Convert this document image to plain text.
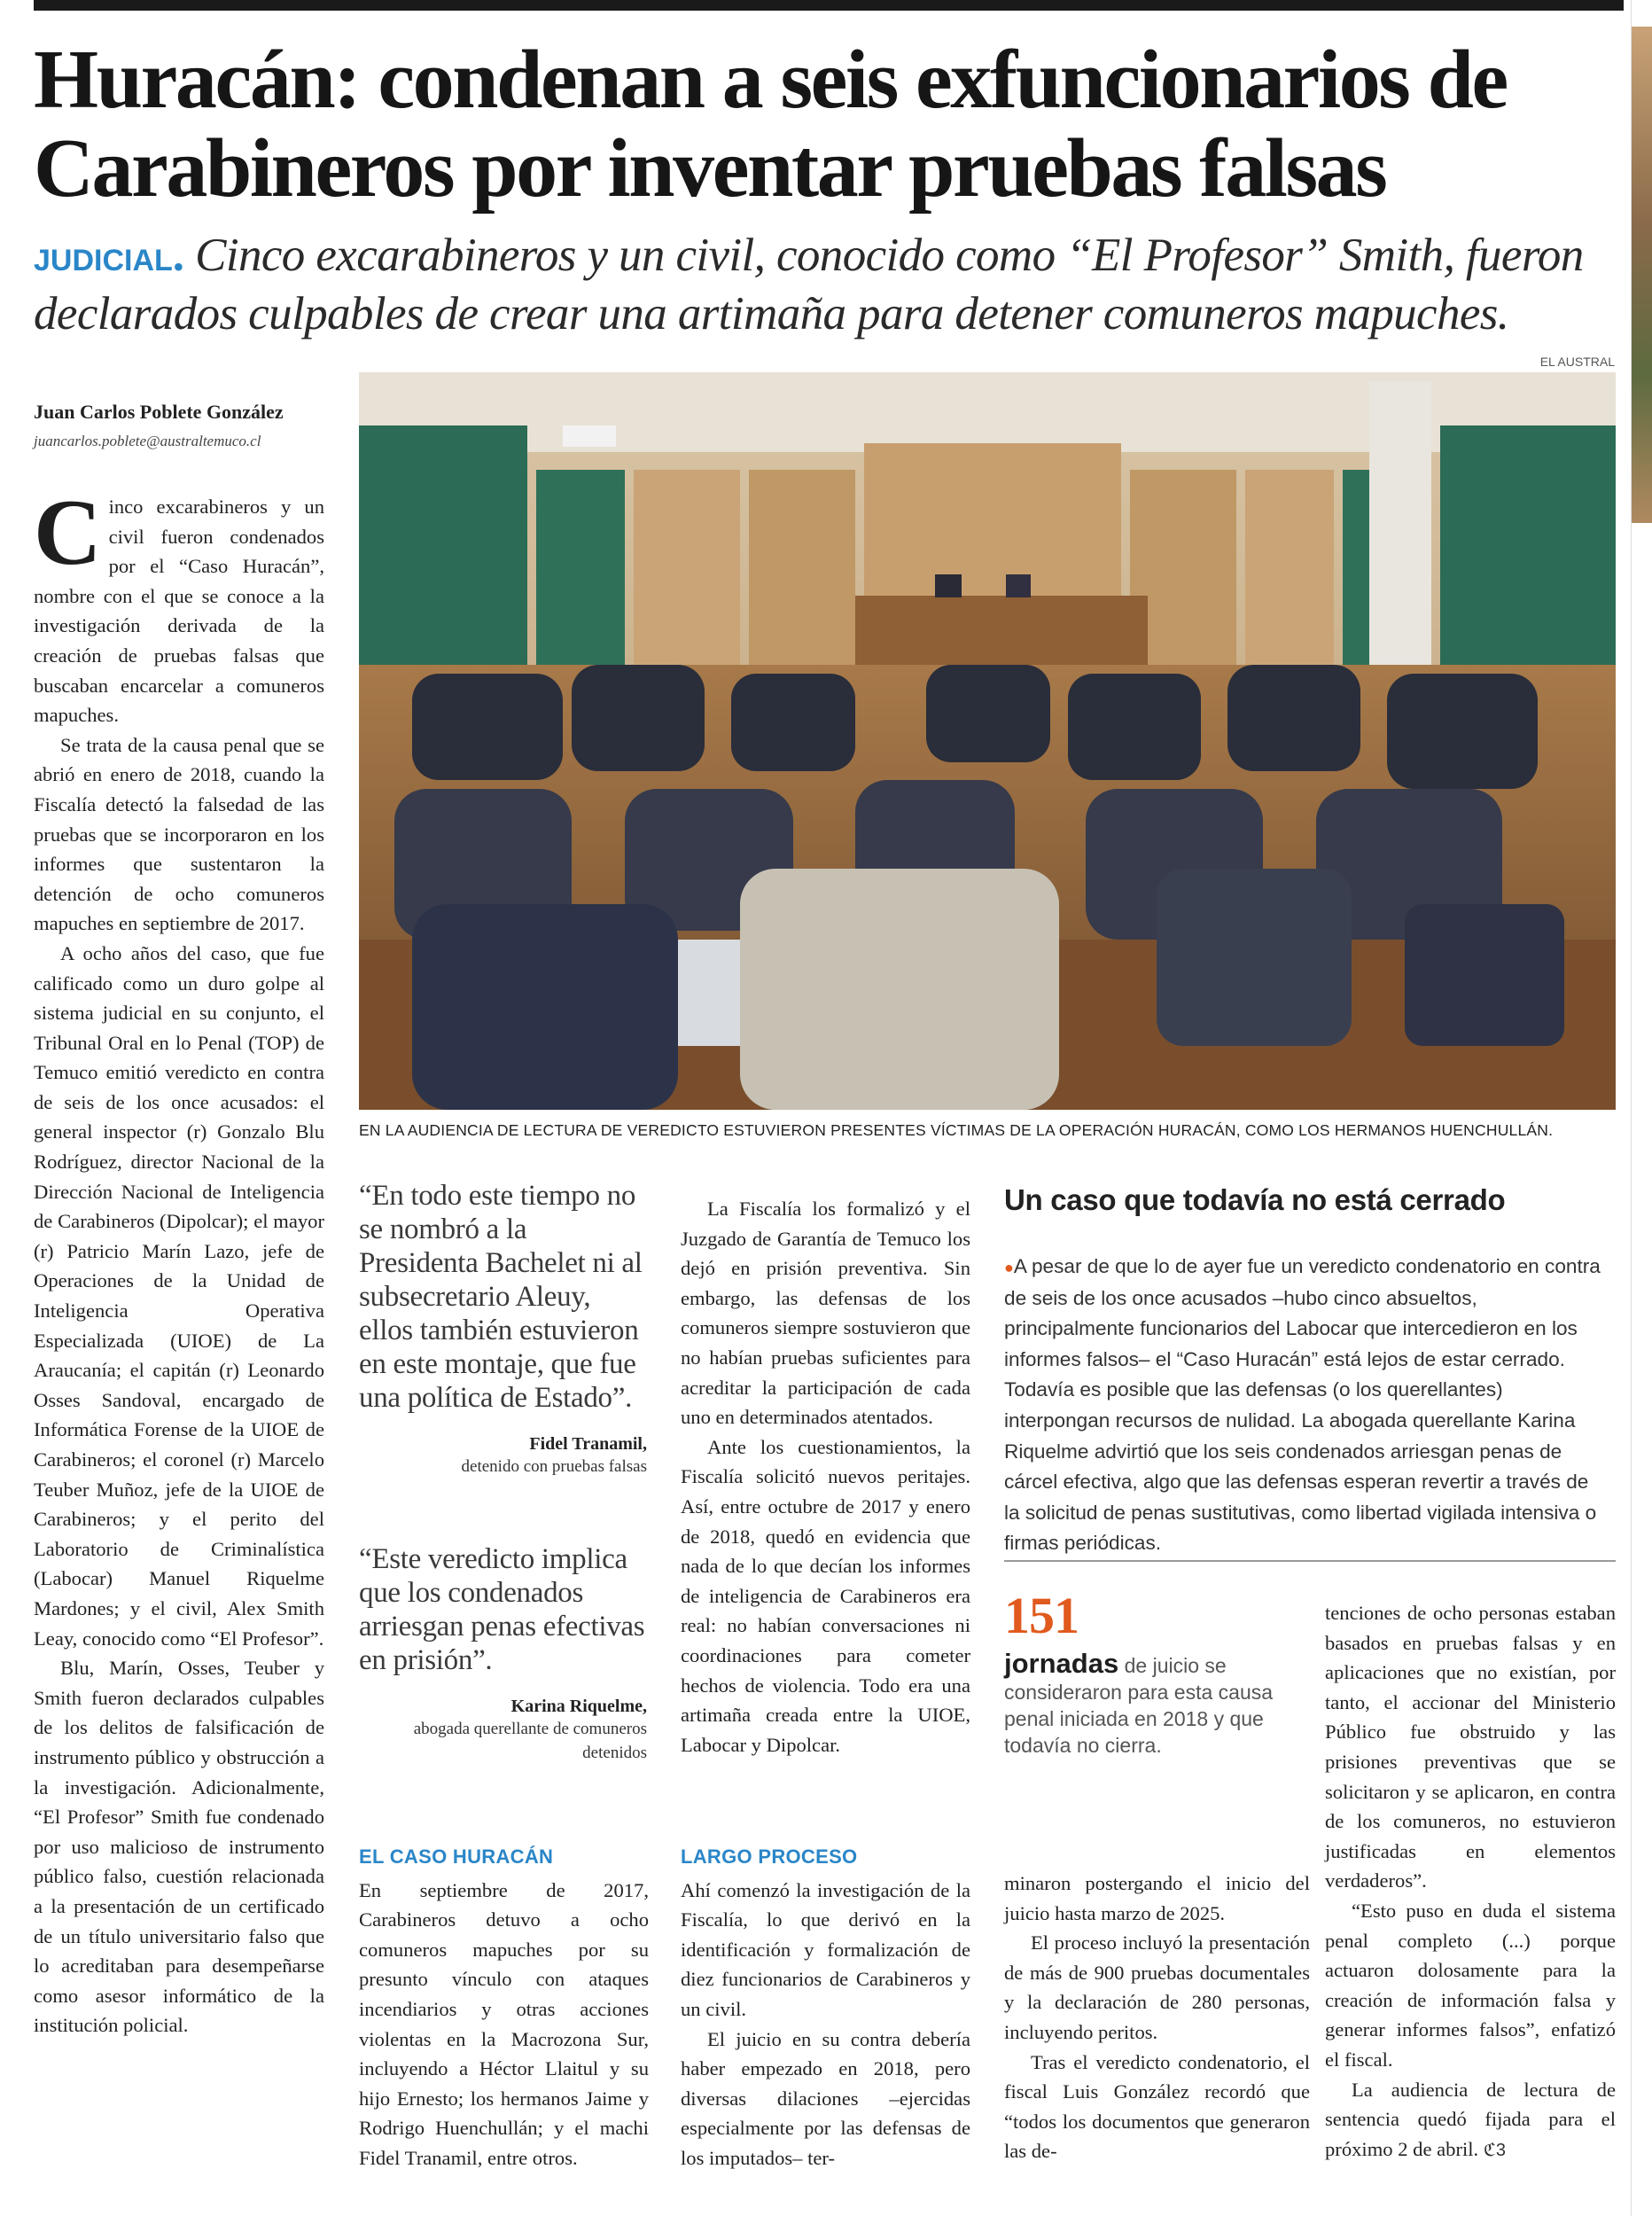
Huracán: condenan a seis exfuncionarios de Carabineros por inventar pruebas falsas
JUDICIAL. Cinco excarabineros y un civil, conocido como “El Profesor” Smith, fueron declarados culpables de crear una artimaña para detener comuneros mapuches.
EL AUSTRAL
EN LA AUDIENCIA DE LECTURA DE VEREDICTO ESTUVIERON PRESENTES VÍCTIMAS DE LA OPERACIÓN HURACÁN, COMO LOS HERMANOS HUENCHULLÁN.
Juan Carlos Poblete González
juancarlos.poblete@australtemuco.cl

Cinco excarabineros y un civil fueron condenados por el “Caso Huracán”, nombre con el que se conoce a la investigación derivada de la creación de pruebas falsas que buscaban encarcelar a comuneros mapuches.

Se trata de la causa penal que se abrió en enero de 2018, cuando la Fiscalía detectó la falsedad de las pruebas que se incorporaron en los informes que sustentaron la detención de ocho comuneros mapuches en septiembre de 2017.

A ocho años del caso, que fue calificado como un duro golpe al sistema judicial en su conjunto, el Tribunal Oral en lo Penal (TOP) de Temuco emitió veredicto en contra de seis de los once acusados: el general inspector (r) Gonzalo Blu Rodríguez, director Nacional de la Dirección Nacional de Inteligencia de Carabineros (Dipolcar); el mayor (r) Patricio Marín Lazo, jefe de Operaciones de la Unidad de Inteligencia Operativa Especializada (UIOE) de La Araucanía; el capitán (r) Leonardo Osses Sandoval, encargado de Informática Forense de la UIOE de Carabineros; el coronel (r) Marcelo Teuber Muñoz, jefe de la UIOE de Carabineros; y el perito del Laboratorio de Criminalística (Labocar) Manuel Riquelme Mardones; y el civil, Alex Smith Leay, conocido como “El Profesor”.

Blu, Marín, Osses, Teuber y Smith fueron declarados culpables de los delitos de falsificación de instrumento público y obstrucción a la investigación. Adicionalmente, “El Profesor” Smith fue condenado por uso malicioso de instrumento público falso, cuestión relacionada a la presentación de un certificado de un título universitario falso que lo acreditaban para desempeñarse como asesor informático de la institución policial.

“En todo este tiempo no se nombró a la Presidenta Bachelet ni al subsecretario Aleuy, ellos también estuvieron en este montaje, que fue una política de Estado”.
Fidel Tranamil,
detenido con pruebas falsas
“Este veredicto implica que los condenados arriesgan penas efectivas en prisión”.
Karina Riquelme,
abogada querellante de comuneros detenidos
EL CASO HURACÁN

En septiembre de 2017, Carabineros detuvo a ocho comuneros mapuches por su presunto vínculo con ataques incendiarios y otras acciones violentas en la Macrozona Sur, incluyendo a Héctor Llaitul y su hijo Ernesto; los hermanos Jaime y Rodrigo Huenchullán; y el machi Fidel Tranamil, entre otros.

La Fiscalía los formalizó y el Juzgado de Garantía de Temuco los dejó en prisión preventiva. Sin embargo, las defensas de los comuneros siempre sostuvieron que no habían pruebas suficientes para acreditar la participación de cada uno en determinados atentados.

Ante los cuestionamientos, la Fiscalía solicitó nuevos peritajes. Así, entre octubre de 2017 y enero de 2018, quedó en evidencia que nada de lo que decían los informes de inteligencia de Carabineros era real: no habían conversaciones ni coordinaciones para cometer hechos de violencia. Todo era una artimaña creada entre la UIOE, Labocar y Dipolcar.

LARGO PROCESO

Ahí comenzó la investigación de la Fiscalía, lo que derivó en la identificación y formalización de diez funcionarios de Carabineros y un civil.

El juicio en su contra debería haber empezado en 2018, pero diversas dilaciones –ejercidas especialmente por las defensas de los imputados– ter-

Un caso que todavía no está cerrado
●A pesar de que lo de ayer fue un veredicto condenatorio en contra de seis de los once acusados –hubo cinco absueltos, principalmente funcionarios del Labocar que intercedieron en los informes falsos– el “Caso Huracán” está lejos de estar cerrado. Todavía es posible que las defensas (o los querellantes) interpongan recursos de nulidad. La abogada querellante Karina Riquelme advirtió que los seis condenados arriesgan penas de cárcel efectiva, algo que las defensas esperan revertir a través de la solicitud de penas sustitutivas, como libertad vigilada intensiva o firmas periódicas.
151
jornadas de juicio se consideraron para esta causa penal iniciada en 2018 y que todavía no cierra.

minaron postergando el inicio del juicio hasta marzo de 2025.

El proceso incluyó la presentación de más de 900 pruebas documentales y la declaración de 280 personas, incluyendo peritos.

Tras el veredicto condenatorio, el fiscal Luis González recordó que “todos los documentos que generaron las de-

tenciones de ocho personas estaban basados en pruebas falsas y en aplicaciones que no existían, por tanto, el accionar del Ministerio Público fue obstruido y las prisiones preventivas que se solicitaron y se aplicaron, en contra de los comuneros, no estuvieron justificadas en elementos verdaderos”.

“Esto puso en duda el sistema penal completo (...) porque actuaron dolosamente para la creación de información falsa y generar informes falsos”, enfatizó el fiscal.

La audiencia de lectura de sentencia quedó fijada para el próximo 2 de abril. ℭ3
